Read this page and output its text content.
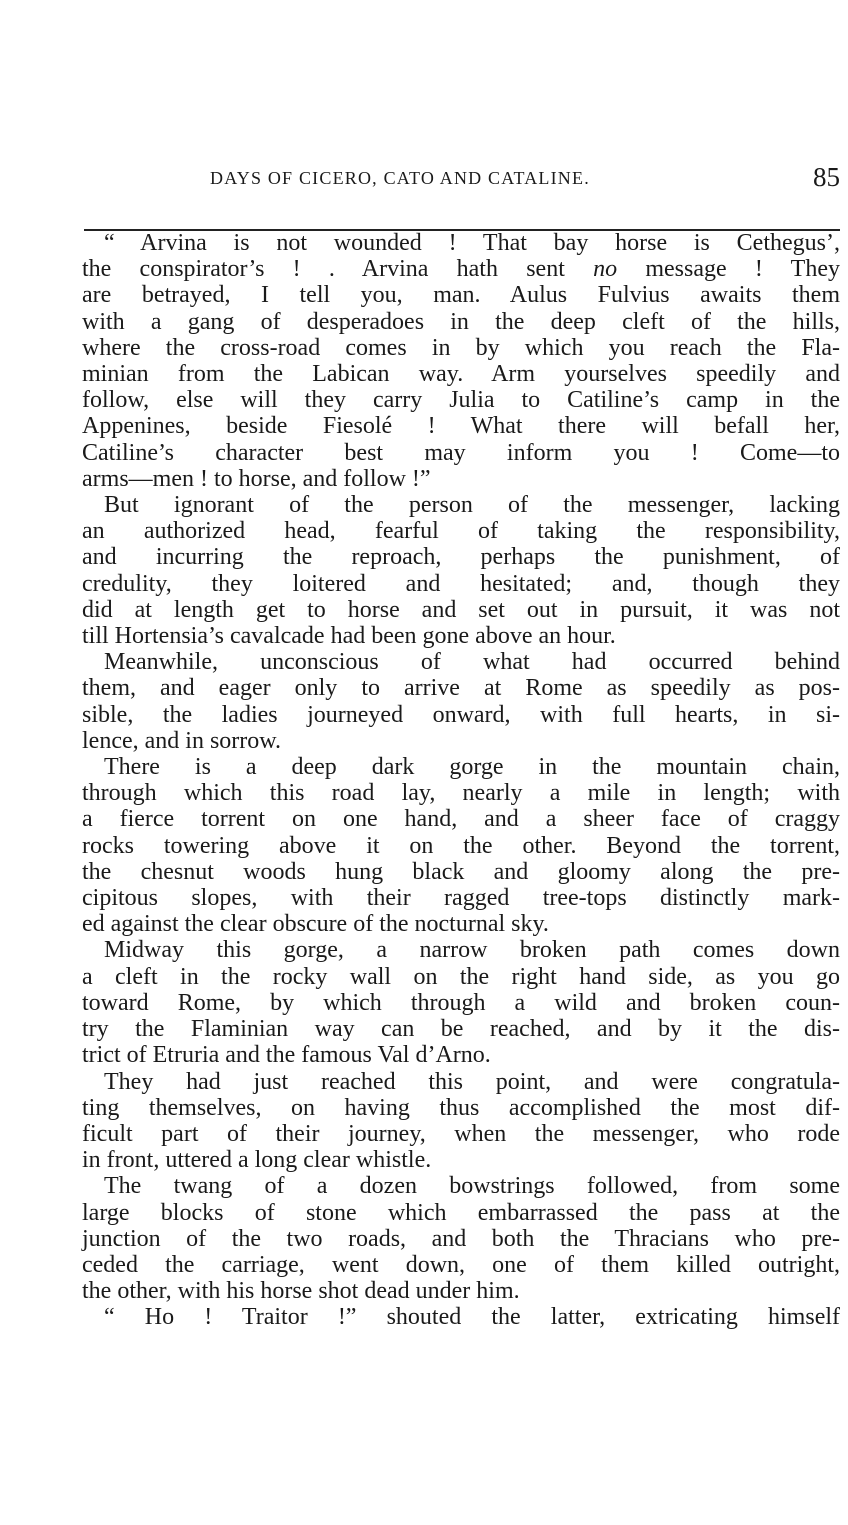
DAYS OF CICERO, CATO AND CATALINE.	85
“ Arvina is not wounded ! That bay horse is Cethegus’,
the conspirator’s ! . Arvina hath sent no message ! They
are betrayed, I tell you, man. Aulus Fulvius awaits them
with a gang of desperadoes in the deep cleft of the hills,
where the cross-road comes in by which you reach the Fla-
minian from the Labican way. Arm yourselves speedily and
follow, else will they carry Julia to Catiline’s camp in the
Appenines, beside Fiesolé ! What there will befall her,
Catiline’s character best may inform you ! Come—to
arms—men ! to horse, and follow !”
But ignorant of the person of the messenger, lacking
an authorized head, fearful of taking the responsibility,
and incurring the reproach, perhaps the punishment, of
credulity, they loitered and hesitated; and, though they
did at length get to horse and set out in pursuit, it was not
till Hortensia’s cavalcade had been gone above an hour.
Meanwhile, unconscious of what had occurred behind
them, and eager only to arrive at Rome as speedily as pos-
sible, the ladies journeyed onward, with full hearts, in si-
lence, and in sorrow.
There is a deep dark gorge in the mountain chain,
through which this road lay, nearly a mile in length; with
a fierce torrent on one hand, and a sheer face of craggy
rocks towering above it on the other. Beyond the torrent,
the chesnut woods hung black and gloomy along the pre-
cipitous slopes, with their ragged tree-tops distinctly mark-
ed against the clear obscure of the nocturnal sky.
Midway this gorge, a narrow broken path comes down
a cleft in the rocky wall on the right hand side, as you go
toward Rome, by which through a wild and broken coun-
try the Flaminian way can be reached, and by it the dis-
trict of Etruria and the famous Val d’Arno.
They had just reached this point, and were congratula-
ting themselves, on having thus accomplished the most dif-
ficult part of their journey, when the messenger, who rode
in front, uttered a long clear whistle.
The twang of a dozen bowstrings followed, from some
large blocks of stone which embarrassed the pass at the
junction of the two roads, and both the Thracians who pre-
ceded the carriage, went down, one of them killed outright,
the other, with his horse shot dead under him.
“ Ho ! Traitor !” shouted the latter, extricating himself
